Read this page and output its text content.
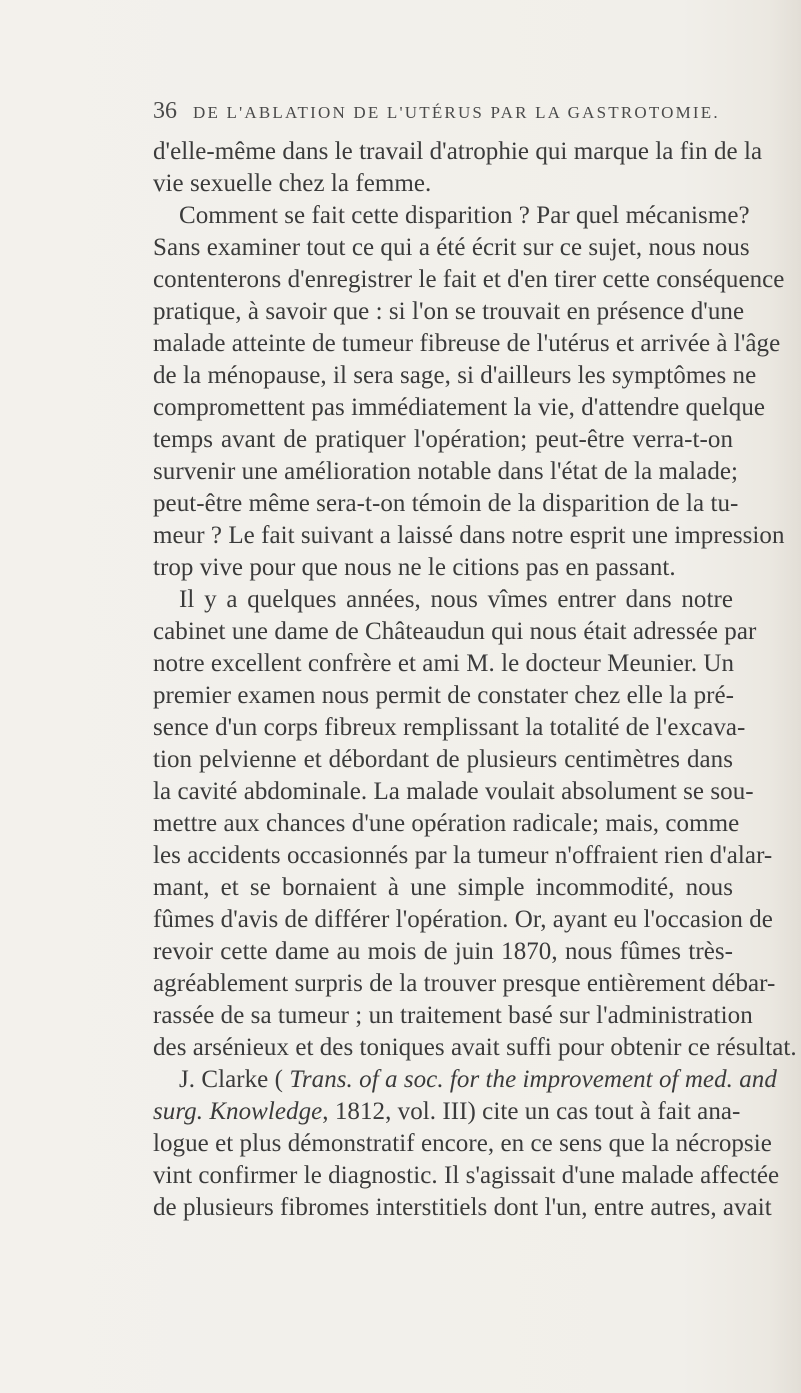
36 DE L'ABLATION DE L'UTÉRUS PAR LA GASTROTOMIE.
d'elle-même dans le travail d'atrophie qui marque la fin de la
vie sexuelle chez la femme.
Comment se fait cette disparition ? Par quel mécanisme?
Sans examiner tout ce qui a été écrit sur ce sujet, nous nous
contenterons d'enregistrer le fait et d'en tirer cette conséquence
pratique, à savoir que : si l'on se trouvait en présence d'une
malade atteinte de tumeur fibreuse de l'utérus et arrivée à l'âge
de la ménopause, il sera sage, si d'ailleurs les symptômes ne
compromettent pas immédiatement la vie, d'attendre quelque
temps avant de pratiquer l'opération; peut-être verra-t-on
survenir une amélioration notable dans l'état de la malade;
peut-être même sera-t-on témoin de la disparition de la tu-
meur ? Le fait suivant a laissé dans notre esprit une impression
trop vive pour que nous ne le citions pas en passant.
Il y a quelques années, nous vîmes entrer dans notre
cabinet une dame de Châteaudun qui nous était adressée par
notre excellent confrère et ami M. le docteur Meunier. Un
premier examen nous permit de constater chez elle la pré-
sence d'un corps fibreux remplissant la totalité de l'excava-
tion pelvienne et débordant de plusieurs centimètres dans
la cavité abdominale. La malade voulait absolument se sou-
mettre aux chances d'une opération radicale; mais, comme
les accidents occasionnés par la tumeur n'offraient rien d'alar-
mant, et se bornaient à une simple incommodité, nous
fûmes d'avis de différer l'opération. Or, ayant eu l'occasion de
revoir cette dame au mois de juin 1870, nous fûmes très-
agréablement surpris de la trouver presque entièrement débar-
rassée de sa tumeur ; un traitement basé sur l'administration
des arsénieux et des toniques avait suffi pour obtenir ce résultat.
J. Clarke ( Trans. of a soc. for the improvement of med. and
surg. Knowledge, 1812, vol. III) cite un cas tout à fait ana-
logue et plus démonstratif encore, en ce sens que la nécropsie
vint confirmer le diagnostic. Il s'agissait d'une malade affectée
de plusieurs fibromes interstitiels dont l'un, entre autres, avait
